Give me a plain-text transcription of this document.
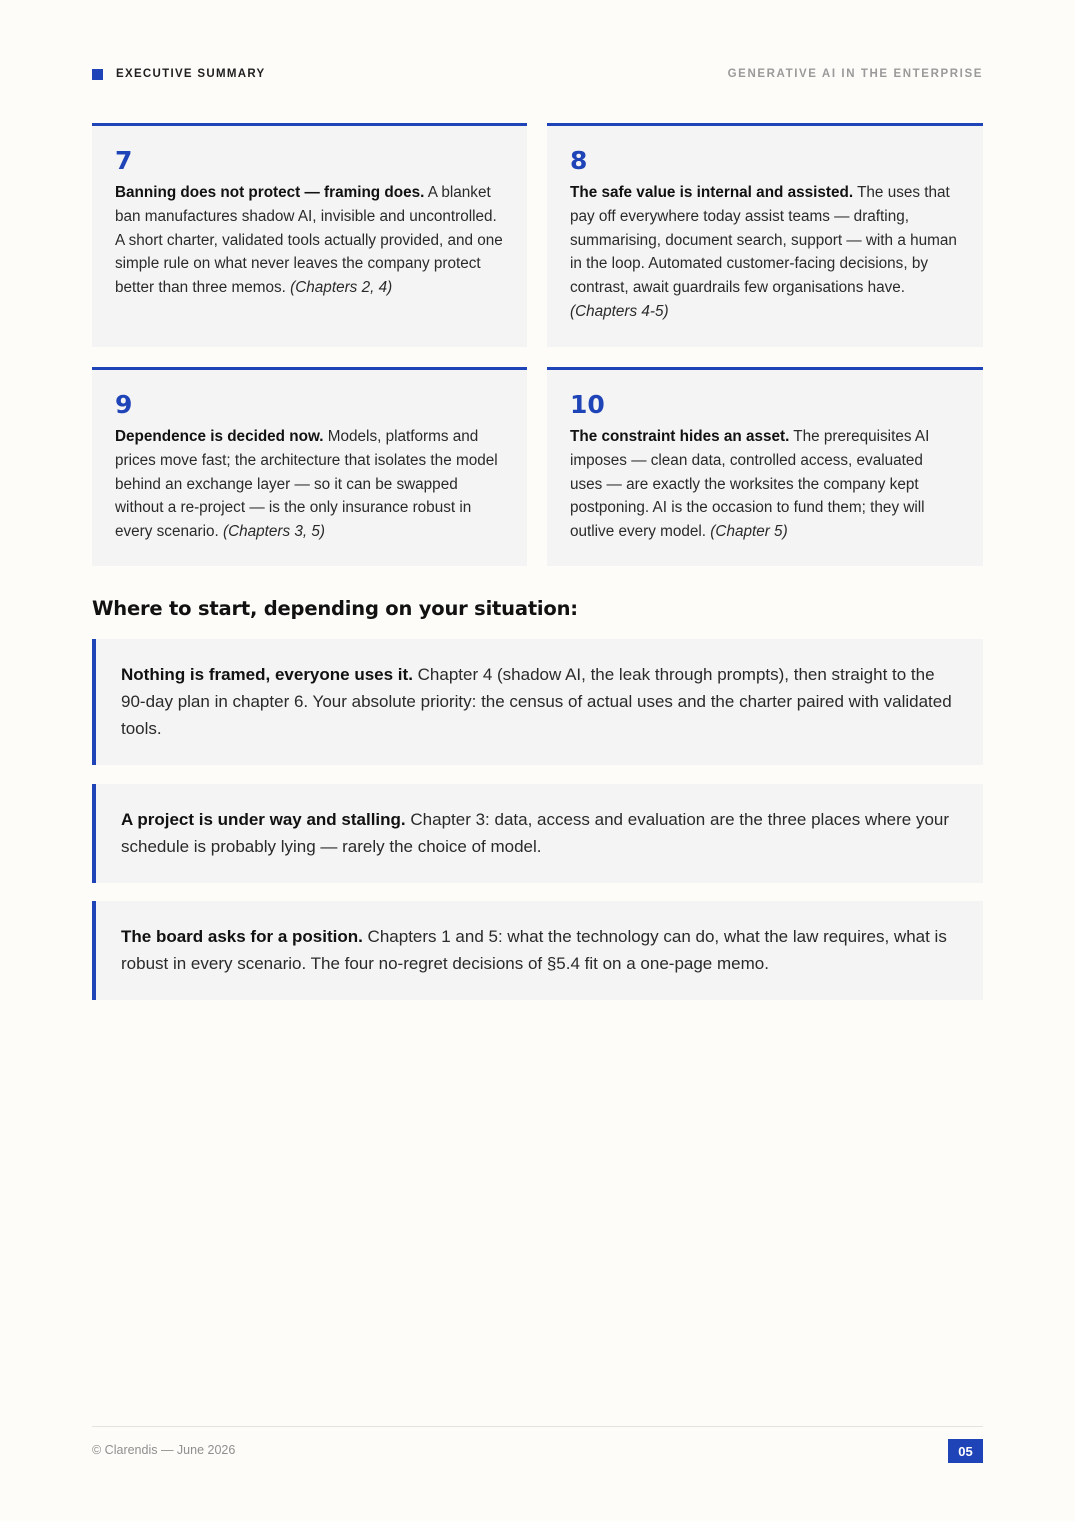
EXECUTIVE SUMMARY	GENERATIVE AI IN THE ENTERPRISE
7
Banning does not protect — framing does. A blanket ban manufactures shadow AI, invisible and uncontrolled. A short charter, validated tools actually provided, and one simple rule on what never leaves the company protect better than three memos. (Chapters 2, 4)
8
The safe value is internal and assisted. The uses that pay off everywhere today assist teams — drafting, summarising, document search, support — with a human in the loop. Automated customer-facing decisions, by contrast, await guardrails few organisations have. (Chapters 4-5)
9
Dependence is decided now. Models, platforms and prices move fast; the architecture that isolates the model behind an exchange layer — so it can be swapped without a re-project — is the only insurance robust in every scenario. (Chapters 3, 5)
10
The constraint hides an asset. The prerequisites AI imposes — clean data, controlled access, evaluated uses — are exactly the worksites the company kept postponing. AI is the occasion to fund them; they will outlive every model. (Chapter 5)
Where to start, depending on your situation:
Nothing is framed, everyone uses it. Chapter 4 (shadow AI, the leak through prompts), then straight to the 90-day plan in chapter 6. Your absolute priority: the census of actual uses and the charter paired with validated tools.
A project is under way and stalling. Chapter 3: data, access and evaluation are the three places where your schedule is probably lying — rarely the choice of model.
The board asks for a position. Chapters 1 and 5: what the technology can do, what the law requires, what is robust in every scenario. The four no-regret decisions of §5.4 fit on a one-page memo.
© Clarendis — June 2026	05
